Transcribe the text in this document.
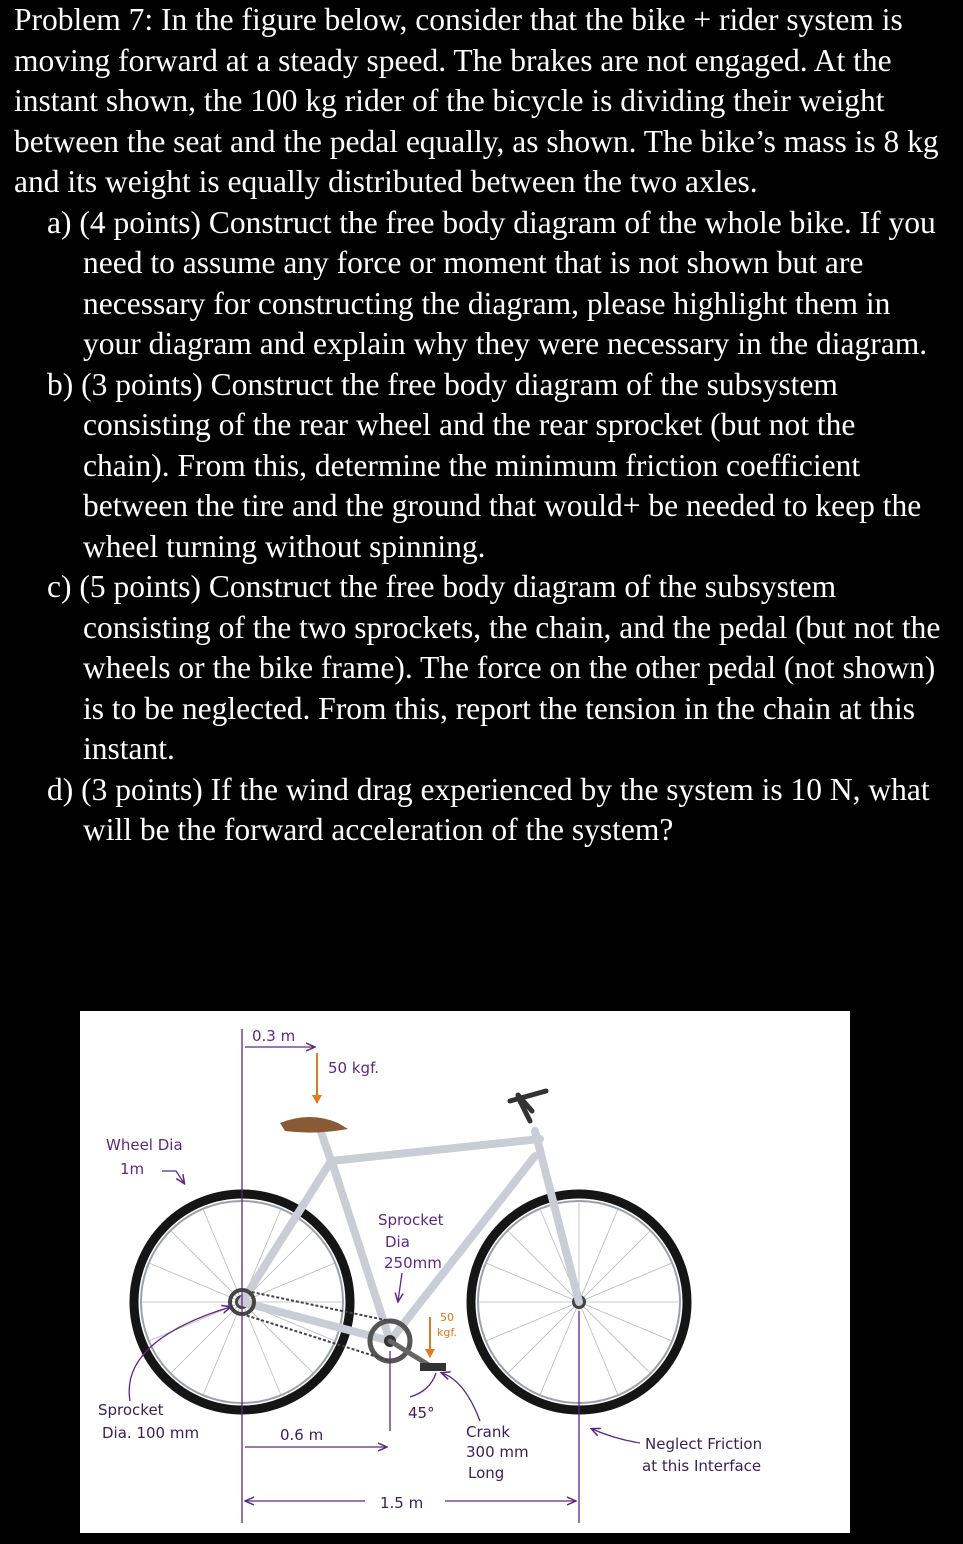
Problem 7: In the figure below, consider that the bike + rider system is moving forward at a steady speed. The brakes are not engaged. At the instant shown, the 100 kg rider of the bicycle is dividing their weight between the seat and the pedal equally, as shown. The bike’s mass is 8 kg and its weight is equally distributed between the two axles.

a) (4 points) Construct the free body diagram of the whole bike. If you need to assume any force or moment that is not shown but are necessary for constructing the diagram, please highlight them in your diagram and explain why they were necessary in the diagram.
b) (3 points) Construct the free body diagram of the subsystem consisting of the rear wheel and the rear sprocket (but not the chain). From this, determine the minimum friction coefficient between the tire and the ground that would+ be needed to keep the wheel turning without spinning.
c) (5 points) Construct the free body diagram of the subsystem consisting of the two sprockets, the chain, and the pedal (but not the wheels or the bike frame). The force on the other pedal (not shown) is to be neglected. From this, report the tension in the chain at this instant.
d) (3 points) If the wind drag experienced by the system is 10 N, what will be the forward acceleration of the system?
0.3 m
50 kgf.
Wheel Dia
1m
Sprocket
Dia
250mm
50
kgf.
Sprocket
Dia. 100 mm
45°
0.6 m	Crank
300 mm
Long
Neglect Friction
at this Interface
1.5 m
